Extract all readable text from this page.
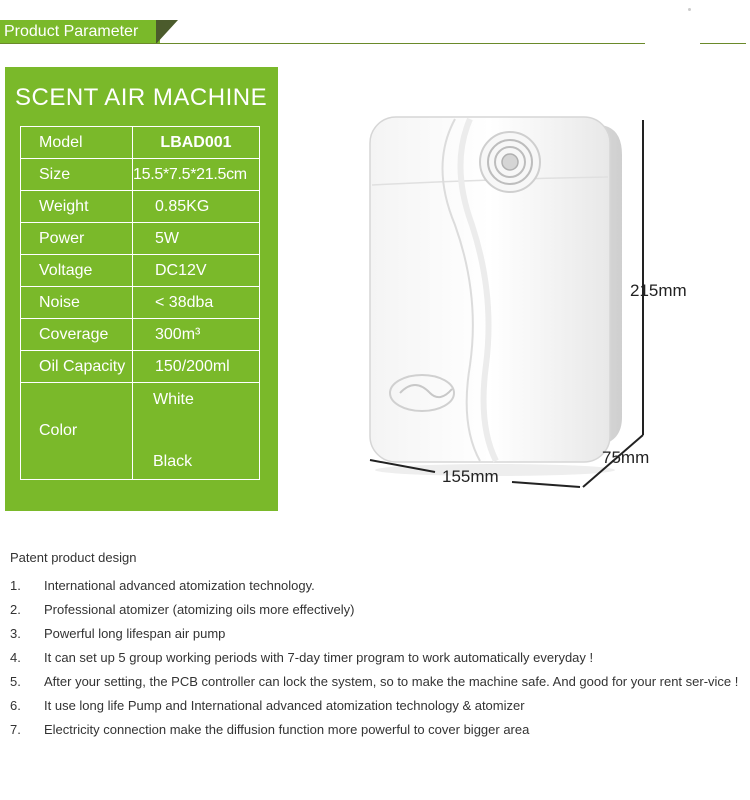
Product Parameter
SCENT AIR MACHINE
Model	LBAD001
Size	15.5*7.5*21.5cm
Weight	0.85KG
Power	5W
Voltage	DC12V
Noise	< 38dba
Coverage	300m³
Oil Capacity	150/200ml
Color	White
Black
215mm
75mm
155mm
Patent product design
1. International advanced atomization technology.
2. Professional atomizer (atomizing oils more effectively)
3. Powerful long lifespan air pump
4. It can set up 5 group working periods with 7-day timer program to work automatically everyday !
5. After your setting, the PCB controller can lock the system, so to make the machine safe. And good for your rent ser-vice !
6. It use long life Pump and International advanced atomization technology & atomizer
7. Electricity connection make the diffusion function more powerful to cover bigger area
